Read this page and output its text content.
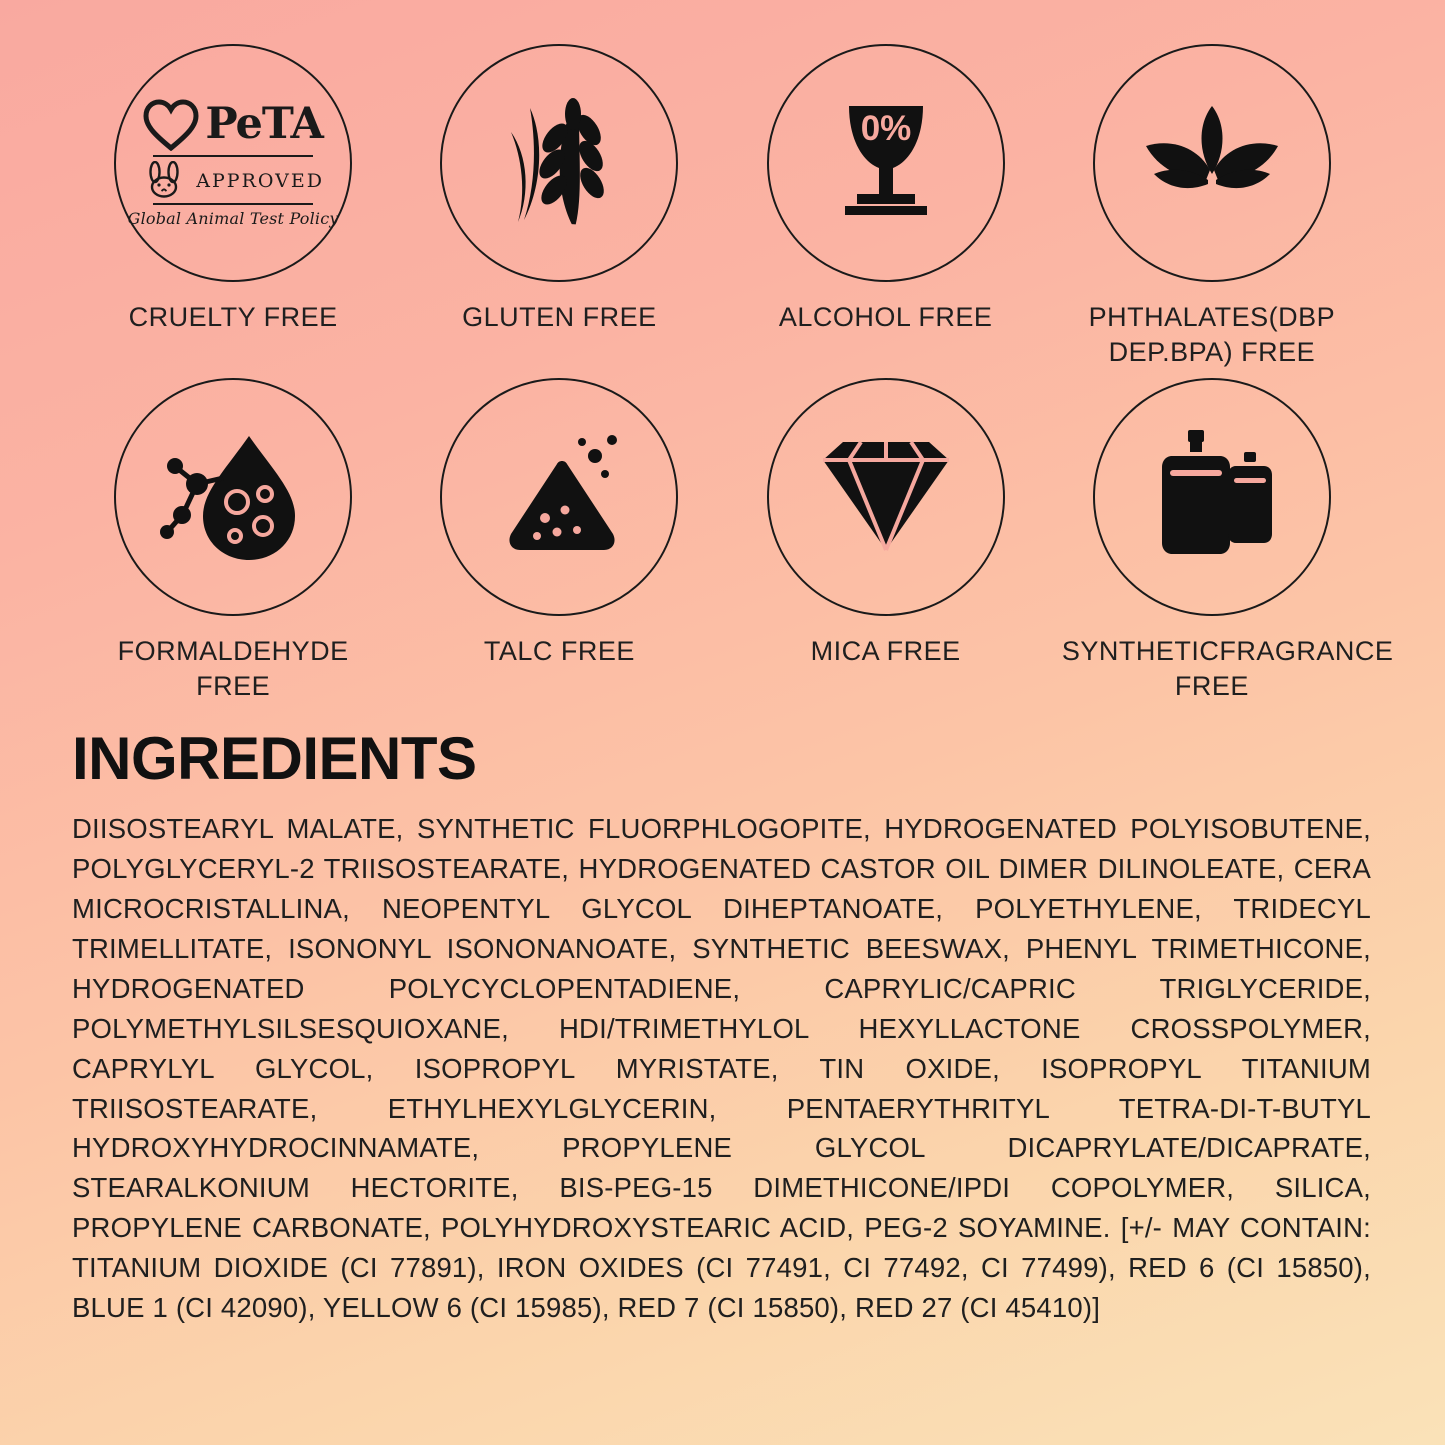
PeTA
APPROVED
Global Animal Test Policy
CRUELTY FREE	GLUTEN FREE
0%
ALCOHOL FREE	PHTHALATES(DBP DEP.BPA) FREE
FORMALDEHYDE FREE
TALC FREE	MICA FREE	SYNTHETICFRAGRANCE FREE
INGREDIENTS
DIISOSTEARYL MALATE, SYNTHETIC FLUORPHLOGOPITE, HYDROGENATED POLYISOBUTENE, POLYGLYCERYL-2 TRIISOSTEARATE, HYDROGENATED CASTOR OIL DIMER DILINOLEATE, CERA MICROCRISTALLINA, NEOPENTYL GLYCOL DIHEPTANOATE, POLYETHYLENE, TRIDECYL TRIMELLITATE, ISONONYL ISONONANOATE, SYNTHETIC BEESWAX, PHENYL TRIMETHICONE, HYDROGENATED POLYCYCLOPENTADIENE, CAPRYLIC/CAPRIC TRIGLYCERIDE, POLYMETHYLSILSESQUIOXANE, HDI/TRIMETHYLOL HEXYLLACTONE CROSSPOLYMER, CAPRYLYL GLYCOL, ISOPROPYL MYRISTATE, TIN OXIDE, ISOPROPYL TITANIUM TRIISOSTEARATE, ETHYLHEXYLGLYCERIN, PENTAERYTHRITYL TETRA-DI-T-BUTYL HYDROXYHYDROCINNAMATE, PROPYLENE GLYCOL DICAPRYLATE/DICAPRATE, STEARALKONIUM HECTORITE, BIS-PEG-15 DIMETHICONE/IPDI COPOLYMER, SILICA, PROPYLENE CARBONATE, POLYHYDROXYSTEARIC ACID, PEG-2 SOYAMINE. [+/- MAY CONTAIN: TITANIUM DIOXIDE (CI 77891), IRON OXIDES (CI 77491, CI 77492, CI 77499), RED 6 (CI 15850), BLUE 1 (CI 42090), YELLOW 6 (CI 15985), RED 7 (CI 15850), RED 27 (CI 45410)]
